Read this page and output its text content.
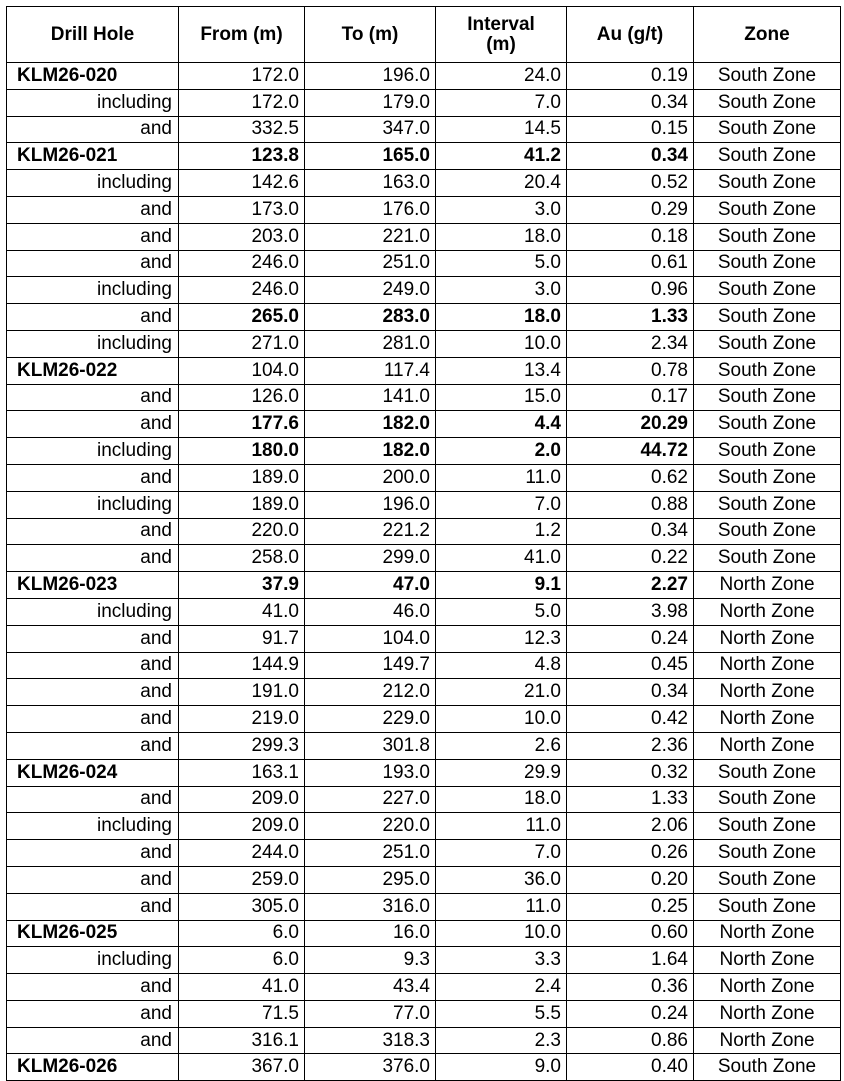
Drill Hole	From (m)	To (m)	Interval (m)	Au (g/t)	Zone
KLM26-020	172.0	196.0	24.0	0.19	South Zone
including	172.0	179.0	7.0	0.34	South Zone
and	332.5	347.0	14.5	0.15	South Zone
KLM26-021	123.8	165.0	41.2	0.34	South Zone
including	142.6	163.0	20.4	0.52	South Zone
and	173.0	176.0	3.0	0.29	South Zone
and	203.0	221.0	18.0	0.18	South Zone
and	246.0	251.0	5.0	0.61	South Zone
including	246.0	249.0	3.0	0.96	South Zone
and	265.0	283.0	18.0	1.33	South Zone
including	271.0	281.0	10.0	2.34	South Zone
KLM26-022	104.0	117.4	13.4	0.78	South Zone
and	126.0	141.0	15.0	0.17	South Zone
and	177.6	182.0	4.4	20.29	South Zone
including	180.0	182.0	2.0	44.72	South Zone
and	189.0	200.0	11.0	0.62	South Zone
including	189.0	196.0	7.0	0.88	South Zone
and	220.0	221.2	1.2	0.34	South Zone
and	258.0	299.0	41.0	0.22	South Zone
KLM26-023	37.9	47.0	9.1	2.27	North Zone
including	41.0	46.0	5.0	3.98	North Zone
and	91.7	104.0	12.3	0.24	North Zone
and	144.9	149.7	4.8	0.45	North Zone
and	191.0	212.0	21.0	0.34	North Zone
and	219.0	229.0	10.0	0.42	North Zone
and	299.3	301.8	2.6	2.36	North Zone
KLM26-024	163.1	193.0	29.9	0.32	South Zone
and	209.0	227.0	18.0	1.33	South Zone
including	209.0	220.0	11.0	2.06	South Zone
and	244.0	251.0	7.0	0.26	South Zone
and	259.0	295.0	36.0	0.20	South Zone
and	305.0	316.0	11.0	0.25	South Zone
KLM26-025	6.0	16.0	10.0	0.60	North Zone
including	6.0	9.3	3.3	1.64	North Zone
and	41.0	43.4	2.4	0.36	North Zone
and	71.5	77.0	5.5	0.24	North Zone
and	316.1	318.3	2.3	0.86	North Zone
KLM26-026	367.0	376.0	9.0	0.40	South Zone
